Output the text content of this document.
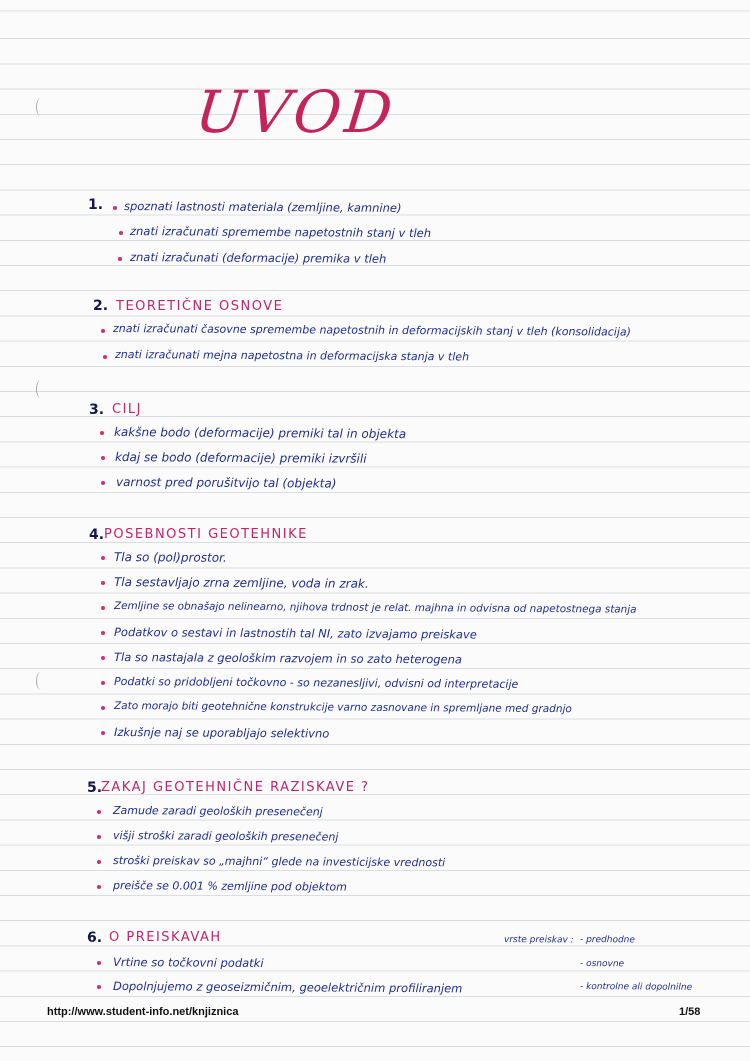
UVOD
1. spoznati lastnosti materiala (zemljine, kamnine)
znati izračunati spremembe napetostnih stanj v tleh
znati izračunati (deformacije) premika v tleh
2. TEORETIČNE OSNOVE
znati izračunati časovne spremembe napetostnih in deformacijskih stanj v tleh (konsolidacija)
znati izračunati mejna napetostna in deformacijska stanja v tleh
3. CILJ
kakšne bodo (deformacije) premiki tal in objekta
kdaj se bodo (deformacije) premiki izvršili
varnost pred porušitvijo tal (objekta)
4. POSEBNOSTI GEOTEHNIKE
Tla so (pol)prostor.
Tla sestavljajo zrna zemljine, voda in zrak.
Zemljine se obnašajo nelinearno, njihova trdnost je relat. majhna in odvisna od napetostnega stanja
Podatkov o sestavi in lastnostih tal NI, zato izvajamo preiskave
Tla so nastajala z geološkim razvojem in so zato heterogena
Podatki so pridobljeni točkovno - so nezanesljivi, odvisni od interpretacije
Zato morajo biti geotehnične konstrukcije varno zasnovane in spremljane med gradnjo
Izkušnje naj se uporabljajo selektivno
5.
ZAKAJ GEOTEHNIČNE RAZISKAVE ?
Zamude zaradi geoloških presenečenj
višji stroški zaradi geoloških presenečenj
stroški preiskav so „majhni“ glede na investicijske vrednosti
preišče se 0.001 % zemljine pod objektom
6. O PREISKAVAH
Vrtine so točkovni podatki
Dopolnjujemo z geoseizmičnim, geoelektričnim profiliranjem
vrste preiskav : - predhodne
- osnovne
- kontrolne ali dopolnilne
http://www.student-info.net/knjiznica	1/58
